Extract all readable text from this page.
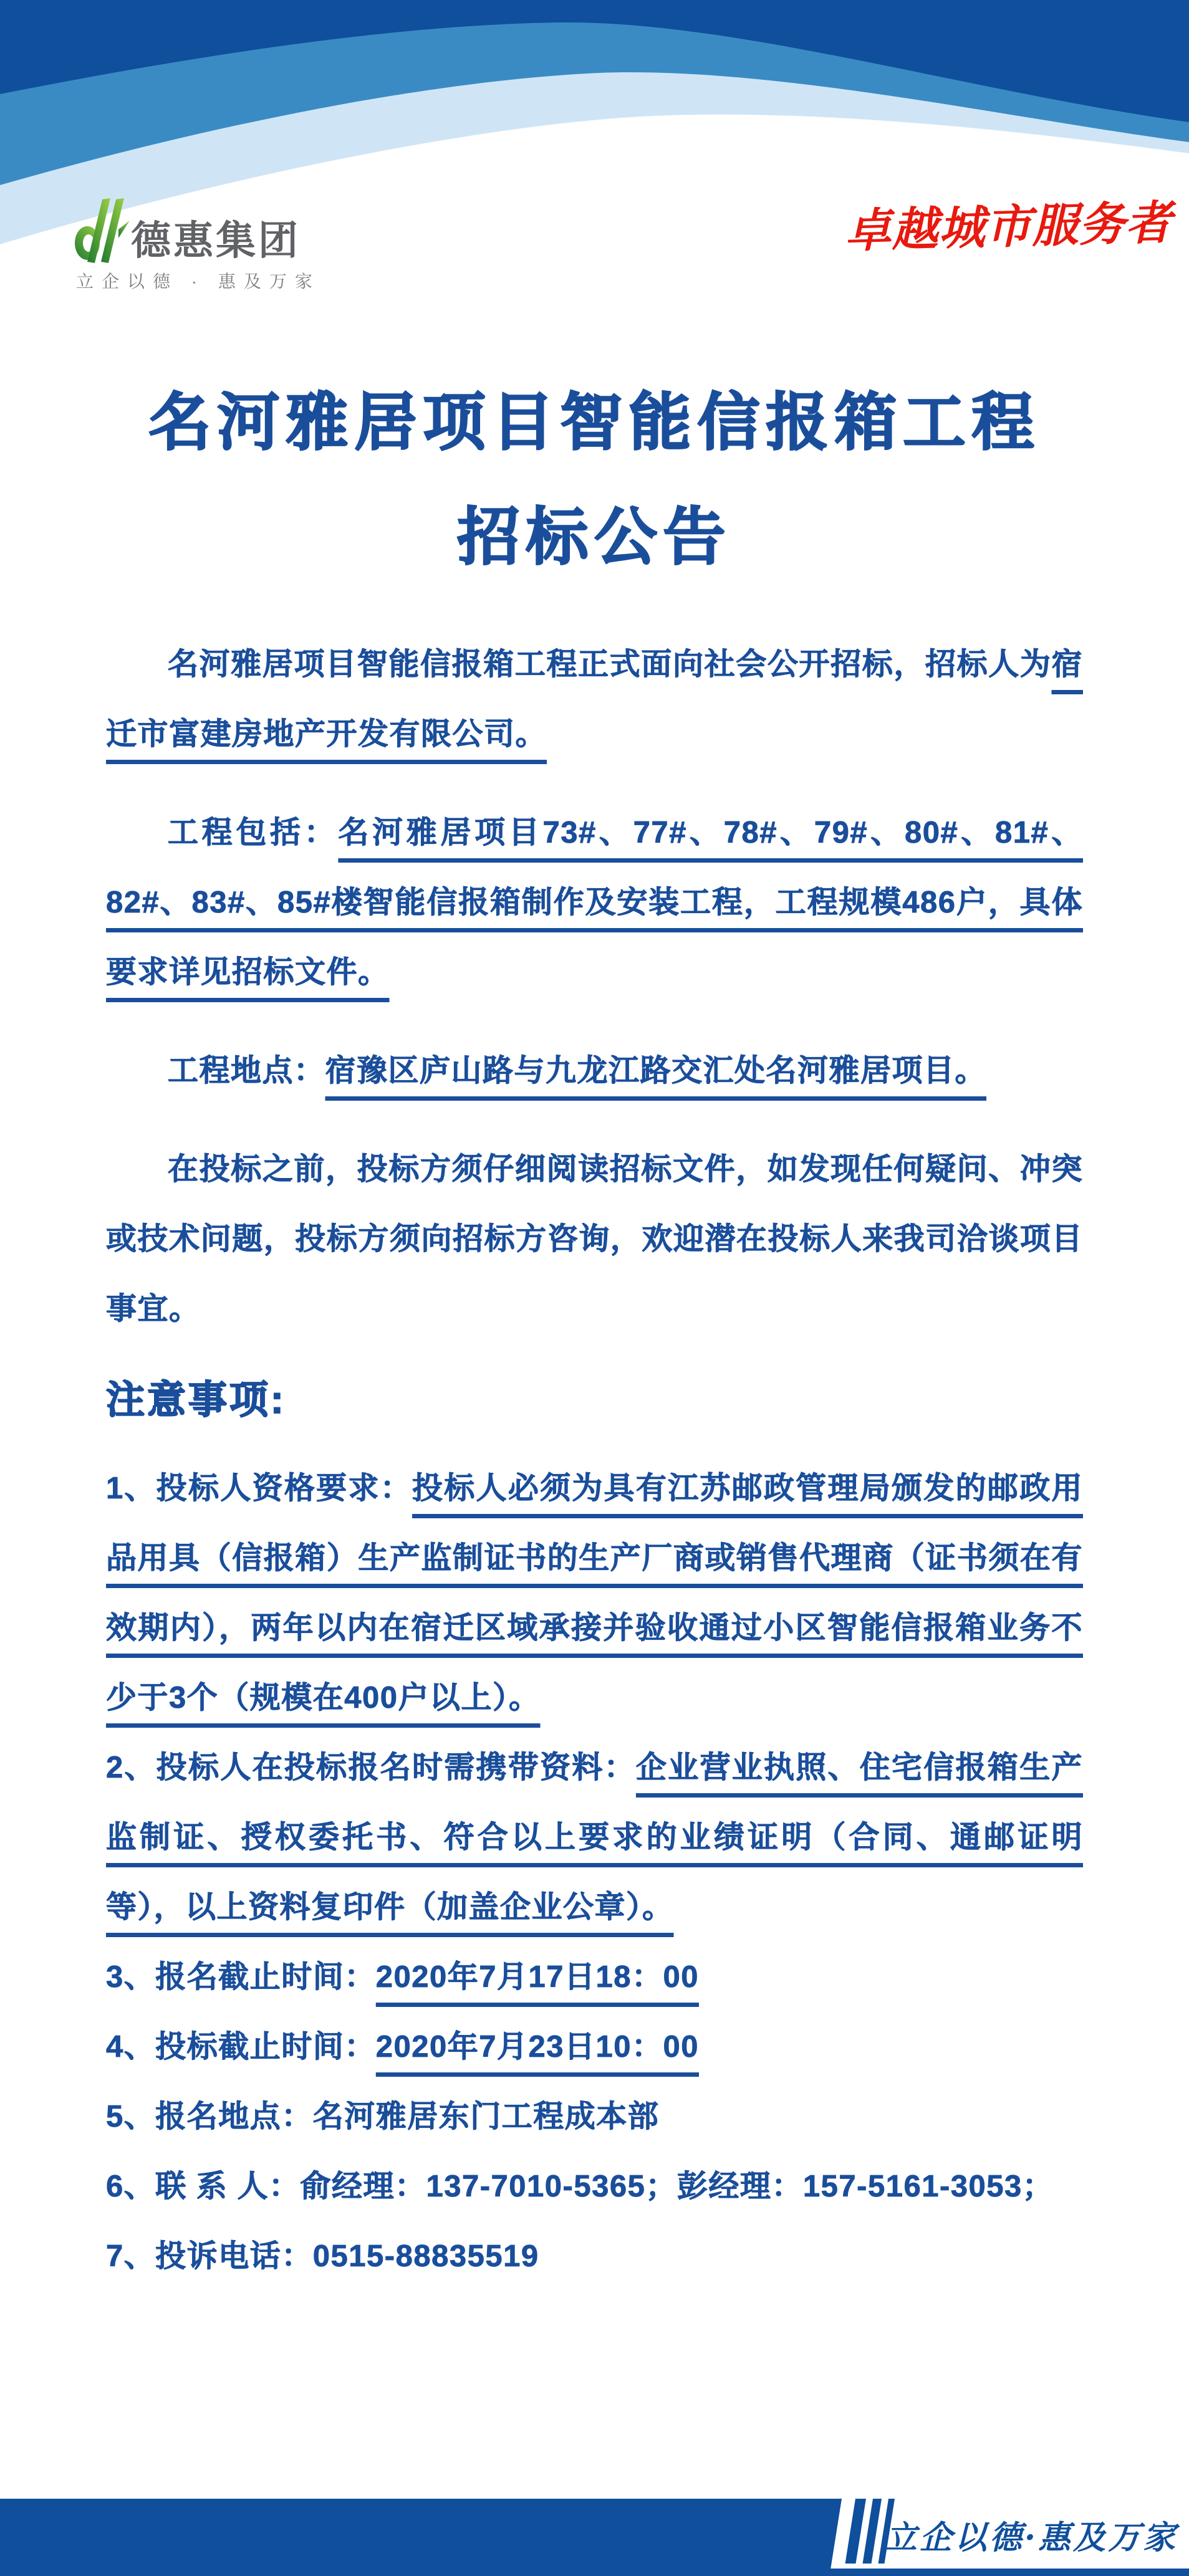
德惠集团
立企以德 · 惠及万家
卓越城市服务者
名河雅居项目智能信报箱工程
招标公告

名河雅居项目智能信报箱工程正式面向社会公开招标，招标人为宿迁市富建房地产开发有限公司。

工程包括：名河雅居项目73#、77#、78#、79#、80#、81#、82#、83#、85#楼智能信报箱制作及安装工程，工程规模486户，具体要求详见招标文件。

工程地点：宿豫区庐山路与九龙江路交汇处名河雅居项目。

在投标之前，投标方须仔细阅读招标文件，如发现任何疑问、冲突或技术问题，投标方须向招标方咨询，欢迎潜在投标人来我司洽谈项目事宜。

注意事项:

1、投标人资格要求：投标人必须为具有江苏邮政管理局颁发的邮政用品用具（信报箱）生产监制证书的生产厂商或销售代理商（证书须在有效期内），两年以内在宿迁区域承接并验收通过小区智能信报箱业务不少于3个（规模在400户以上）。

2、投标人在投标报名时需携带资料：企业营业执照、住宅信报箱生产监制证、授权委托书、符合以上要求的业绩证明（合同、通邮证明等），以上资料复印件（加盖企业公章）。

3、报名截止时间：2020年7月17日18：00

4、投标截止时间：2020年7月23日10：00

5、报名地点：名河雅居东门工程成本部

6、联 系 人：俞经理：137-7010-5365；彭经理：157-5161-3053；

7、投诉电话：0515-88835519

立企以德·惠及万家
